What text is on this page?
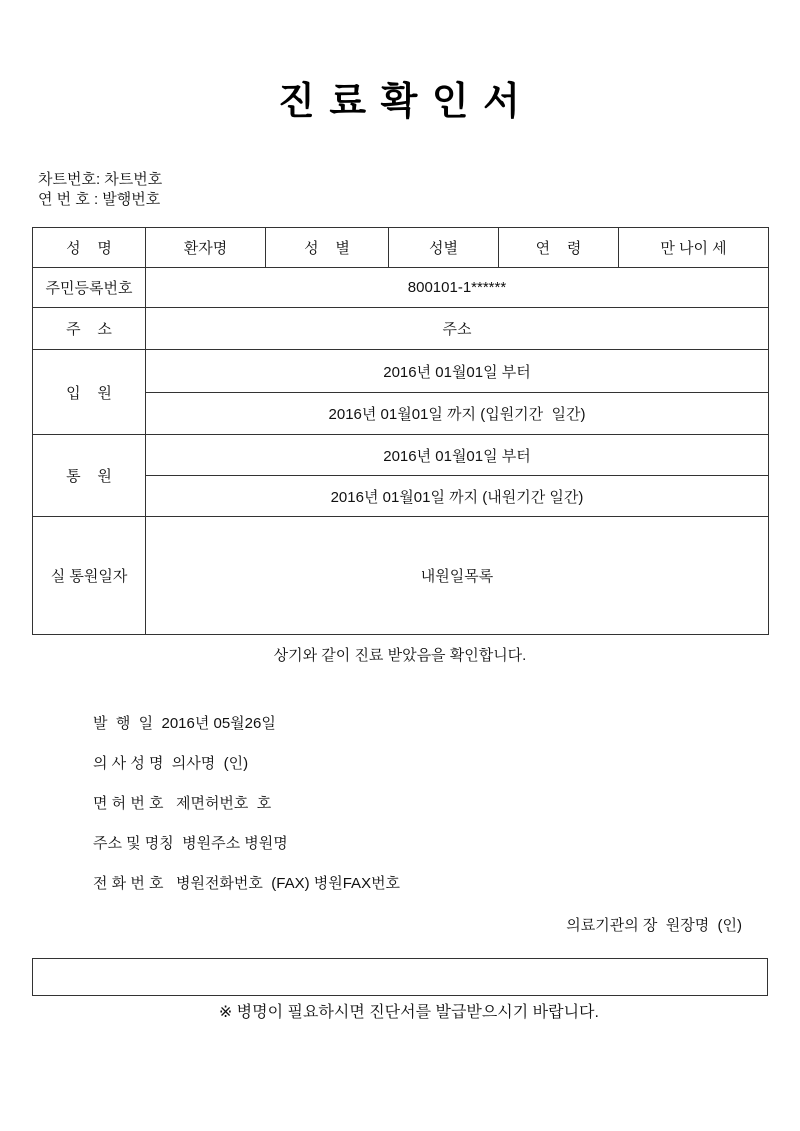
진 료 확 인 서
차트번호: 차트번호
연 번 호 : 발행번호
성    명	환자명	성    별	성별	연    령	만 나이 세
주민등록번호	800101-1******				
주    소	주소				
입    원	2016년 01월01일 부터				
	2016년 01월01일 까지 (입원기간  일간)				
통    원	2016년 01월01일 부터				
	2016년 01월01일 까지 (내원기간 일간)				
실 통원일자	내원일목록				
상기와 같이 진료 받았음을 확인합니다.
발  행  일  2016년 05월26일
의 사 성 명  의사명  (인)
면 허 번 호   제면허번호  호
주소 및 명칭  병원주소 병원명
전 화 번 호   병원전화번호  (FAX) 병원FAX번호
의료기관의 장  원장명  (인)

※ 병명이 필요하시면 진단서를 발급받으시기 바랍니다.
